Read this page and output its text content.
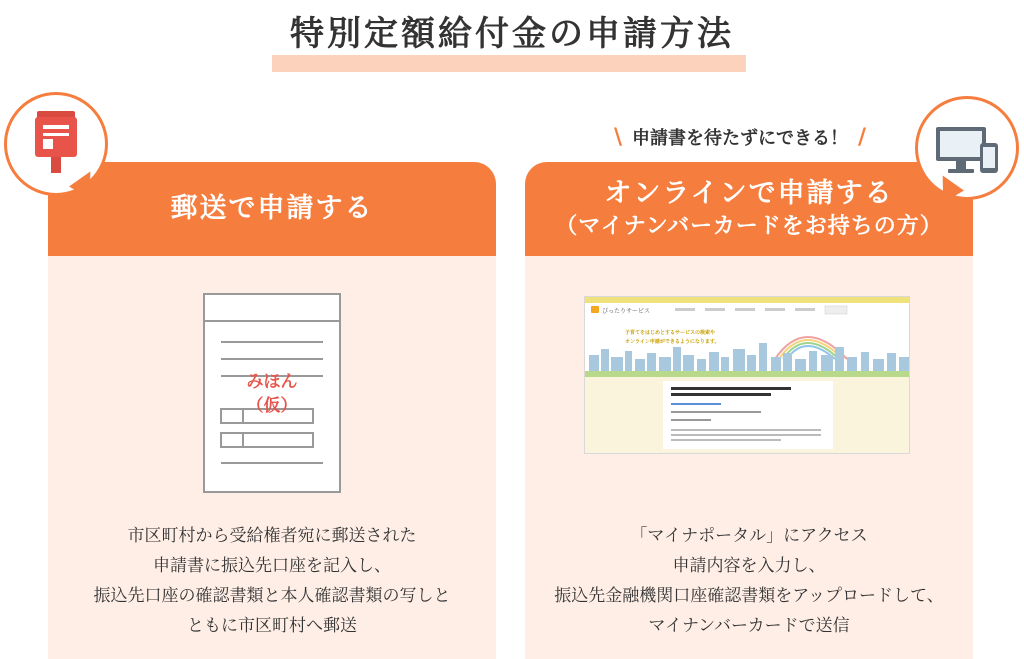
特別定額給付金の申請方法
\ 申請書を待たずにできる！ /
郵送で申請する	オンラインで申請する
（マイナンバーカードをお持ちの方）
みほん
（仮）
ぴったりサービス
子育てをはじめとするサービスの検索や
オンライン申請ができるようになります。
市区町村から受給権者宛に郵送された
申請書に振込先口座を記入し、
振込先口座の確認書類と本人確認書類の写しと
ともに市区町村へ郵送
「マイナポータル」にアクセス
申請内容を入力し、
振込先金融機関口座確認書類をアップロードして、
マイナンバーカードで送信
